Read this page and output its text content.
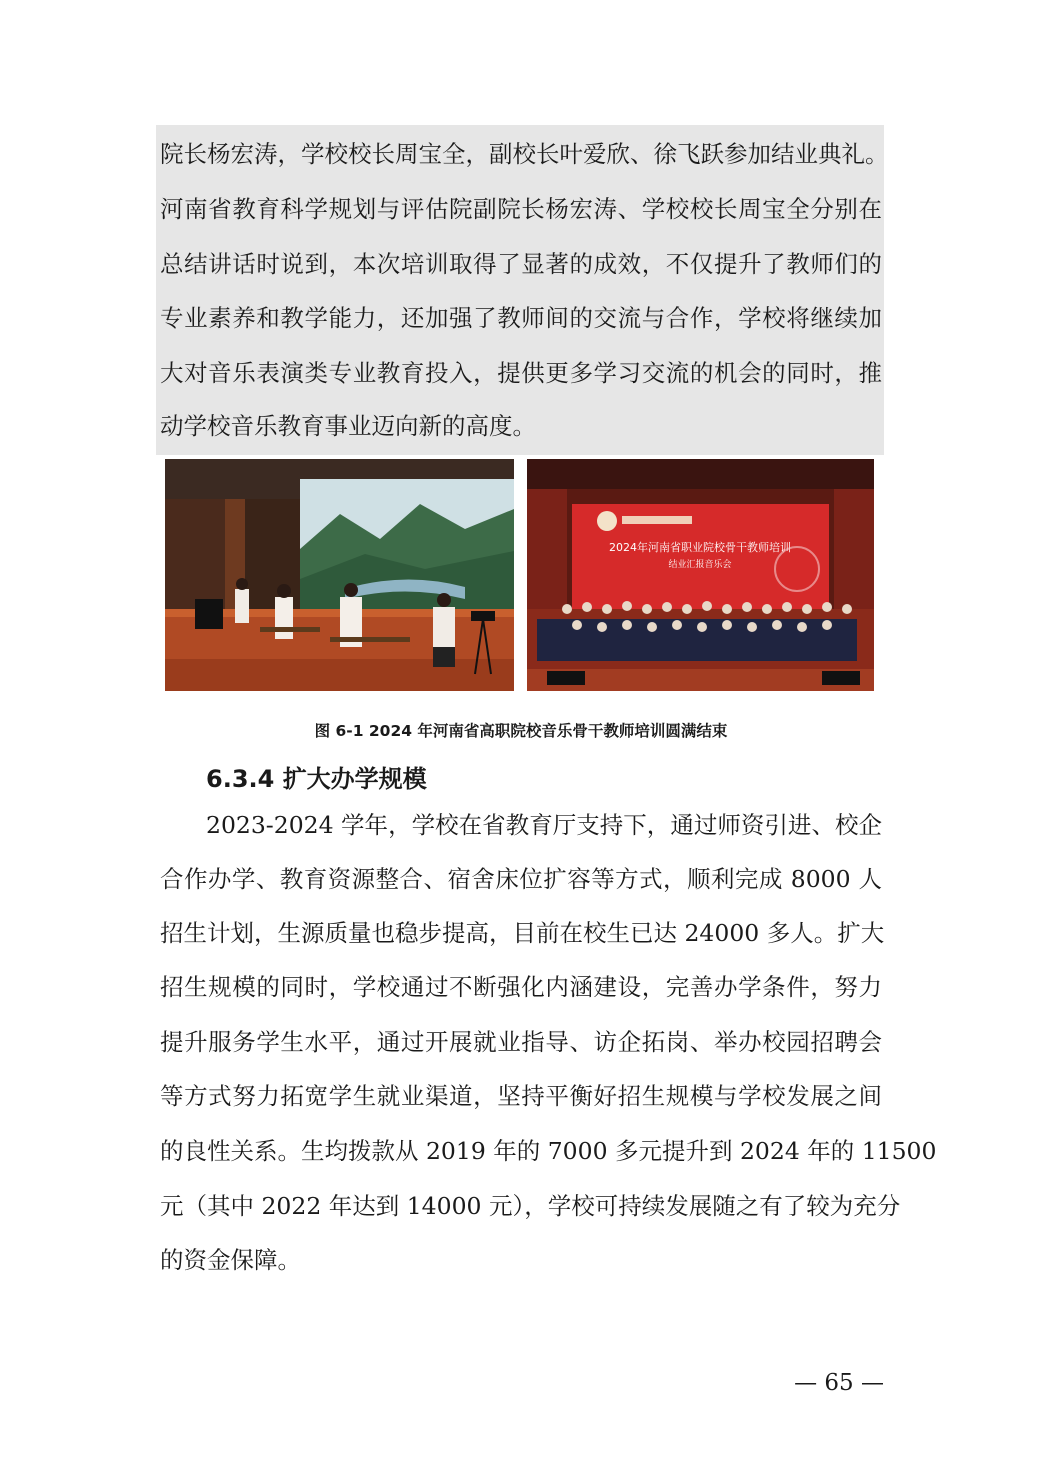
院长杨宏涛，学校校长周宝全，副校长叶爱欣、徐飞跃参加结业典礼。
河南省教育科学规划与评估院副院长杨宏涛、学校校长周宝全分别在
总结讲话时说到，本次培训取得了显著的成效，不仅提升了教师们的
专业素养和教学能力，还加强了教师间的交流与合作，学校将继续加
大对音乐表演类专业教育投入，提供更多学习交流的机会的同时，推
动学校音乐教育事业迈向新的高度。
2024年河南省职业院校骨干教师培训
结业汇报音乐会
图 6-1 2024 年河南省高职院校音乐骨干教师培训圆满结束
6.3.4 扩大办学规模
2023-2024 学年，学校在省教育厅支持下，通过师资引进、校企
合作办学、教育资源整合、宿舍床位扩容等方式，顺利完成 8000 人
招生计划，生源质量也稳步提高，目前在校生已达 24000 多人。扩大
招生规模的同时，学校通过不断强化内涵建设，完善办学条件，努力
提升服务学生水平，通过开展就业指导、访企拓岗、举办校园招聘会
等方式努力拓宽学生就业渠道，坚持平衡好招生规模与学校发展之间
的良性关系。生均拨款从 2019 年的 7000 多元提升到 2024 年的 11500
元（其中 2022 年达到 14000 元），学校可持续发展随之有了较为充分
的资金保障。
— 65 —
